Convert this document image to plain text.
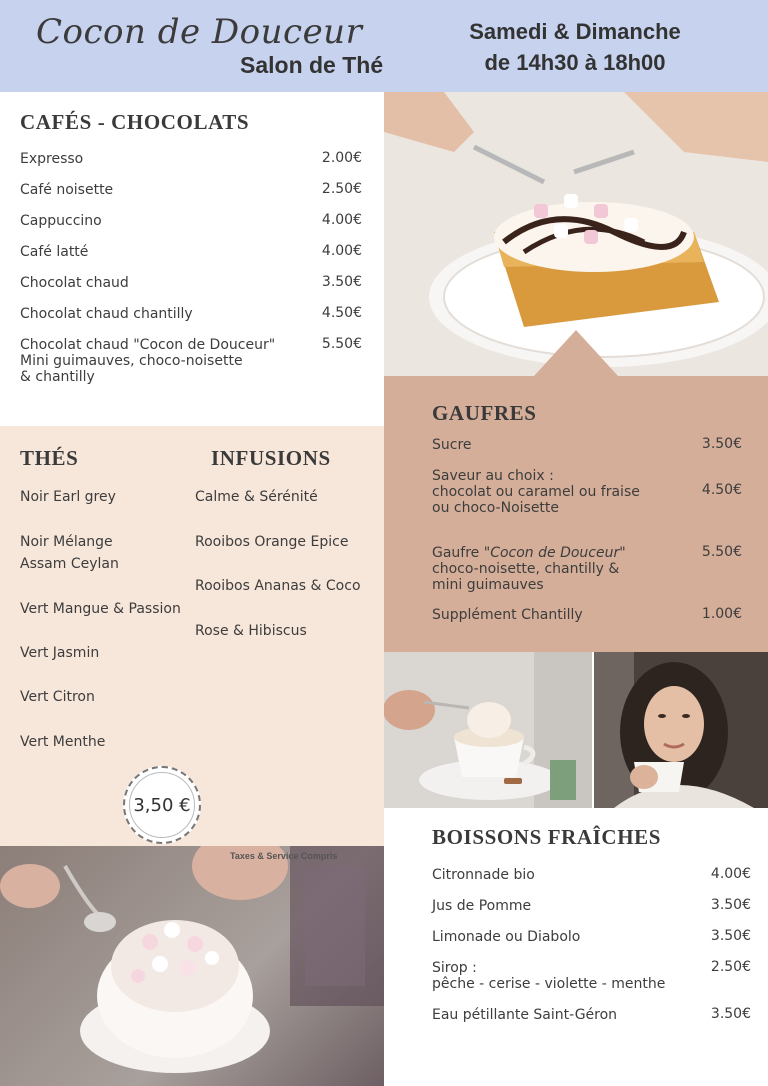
Cocon de Douceur
Salon de Thé
Samedi & Dimanche
de 14h30 à 18h00
CAFÉS - CHOCOLATS
Expresso	2.00€
Café noisette	2.50€
Cappuccino	4.00€
Café latté	4.00€
Chocolat chaud	3.50€
Chocolat chaud chantilly	4.50€
Chocolat chaud "Cocon de Douceur"
Mini guimauves, choco-noisette
& chantilly
5.50€
THÉS	INFUSIONS
Noir Earl grey
Noir Mélange
Assam Ceylan
Vert Mangue & Passion
Vert Jasmin
Vert Citron
Vert Menthe
Calme & Sérénité
Rooibos Orange Epice
Rooibos Ananas & Coco
Rose & Hibiscus
3,50 €
Taxes & Service Compris
GAUFRES
Sucre	3.50€
Saveur au choix :
chocolat ou caramel ou fraise
ou choco-Noisette
4.50€
Gaufre "Cocon de Douceur"
choco-noisette, chantilly &
mini guimauves
5.50€
Supplément Chantilly	1.00€
BOISSONS FRAÎCHES
Citronnade bio	4.00€
Jus de Pomme	3.50€
Limonade ou Diabolo	3.50€
Sirop :
pêche - cerise - violette - menthe
2.50€
Eau pétillante Saint-Géron	3.50€
